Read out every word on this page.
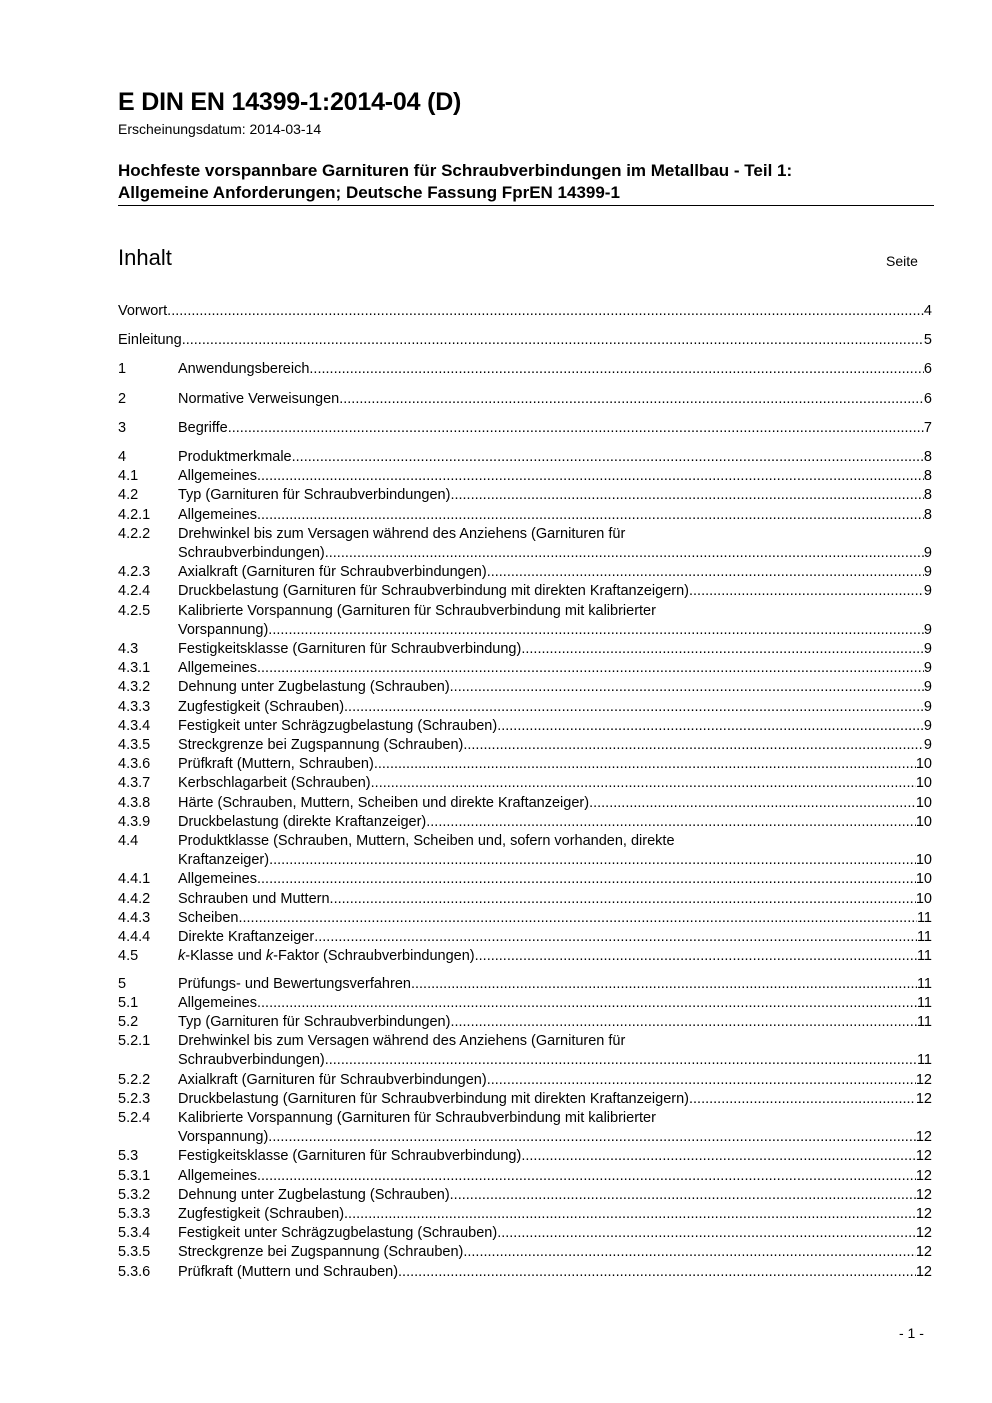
E DIN EN 14399-1:2014-04 (D)
Erscheinungsdatum: 2014-03-14
Hochfeste vorspannbare Garnituren für Schraubverbindungen im Metallbau - Teil 1:
Allgemeine Anforderungen; Deutsche Fassung FprEN 14399-1
Inhalt	Seite
Vorwort .....	4
Einleitung .....	5
1	Anwendungsbereich .....	6
2	Normative Verweisungen .....	6
3	Begriffe .....	7
4	Produktmerkmale .....	8
4.1	Allgemeines .....	8
4.2	Typ (Garnituren für Schraubverbindungen) .....	8
4.2.1 Allgemeines .....	8
4.2.2 Drehwinkel bis zum Versagen während des Anziehens (Garnituren für
Schraubverbindungen) .....	9
4.2.3 Axialkraft (Garnituren für Schraubverbindungen) .....	9
4.2.4 Druckbelastung (Garnituren für Schraubverbindung mit direkten Kraftanzeigern) .....	9
4.2.5 Kalibrierte Vorspannung (Garnituren für Schraubverbindung mit kalibrierter
Vorspannung) .....	9
4.3	Festigkeitsklasse (Garnituren für Schraubverbindung) .....	9
4.3.1 Allgemeines .....	9
4.3.2 Dehnung unter Zugbelastung (Schrauben) .....	9
4.3.3 Zugfestigkeit (Schrauben) .....	9
4.3.4 Festigkeit unter Schrägzugbelastung (Schrauben) .....	9
4.3.5 Streckgrenze bei Zugspannung (Schrauben) .....	9
4.3.6 Prüfkraft (Muttern, Schrauben) .....	10
4.3.7 Kerbschlagarbeit (Schrauben) .....	10
4.3.8 Härte (Schrauben, Muttern, Scheiben und direkte Kraftanzeiger) .....	10
4.3.9 Druckbelastung (direkte Kraftanzeiger) .....	10
4.4	Produktklasse (Schrauben, Muttern, Scheiben und, sofern vorhanden, direkte
Kraftanzeiger) .....	10
4.4.1 Allgemeines .....	10
4.4.2 Schrauben und Muttern .....	10
4.4.3 Scheiben .....	11
4.4.4 Direkte Kraftanzeiger .....	11
4.5	k-Klasse und k-Faktor (Schraubverbindungen) .....	11
5	Prüfungs- und Bewertungsverfahren .....	11
5.1	Allgemeines .....	11
5.2	Typ (Garnituren für Schraubverbindungen) .....	11
5.2.1 Drehwinkel bis zum Versagen während des Anziehens (Garnituren für
Schraubverbindungen) .....	11
5.2.2 Axialkraft (Garnituren für Schraubverbindungen) .....	12
5.2.3 Druckbelastung (Garnituren für Schraubverbindung mit direkten Kraftanzeigern) .....	12
5.2.4 Kalibrierte Vorspannung (Garnituren für Schraubverbindung mit kalibrierter
Vorspannung) .....	12
5.3	Festigkeitsklasse (Garnituren für Schraubverbindung) .....	12
5.3.1 Allgemeines .....	12
5.3.2 Dehnung unter Zugbelastung (Schrauben) .....	12
5.3.3 Zugfestigkeit (Schrauben) .....	12
5.3.4 Festigkeit unter Schrägzugbelastung (Schrauben) .....	12
5.3.5 Streckgrenze bei Zugspannung (Schrauben) .....	12
5.3.6 Prüfkraft (Muttern und Schrauben) .....	12
- 1 -
